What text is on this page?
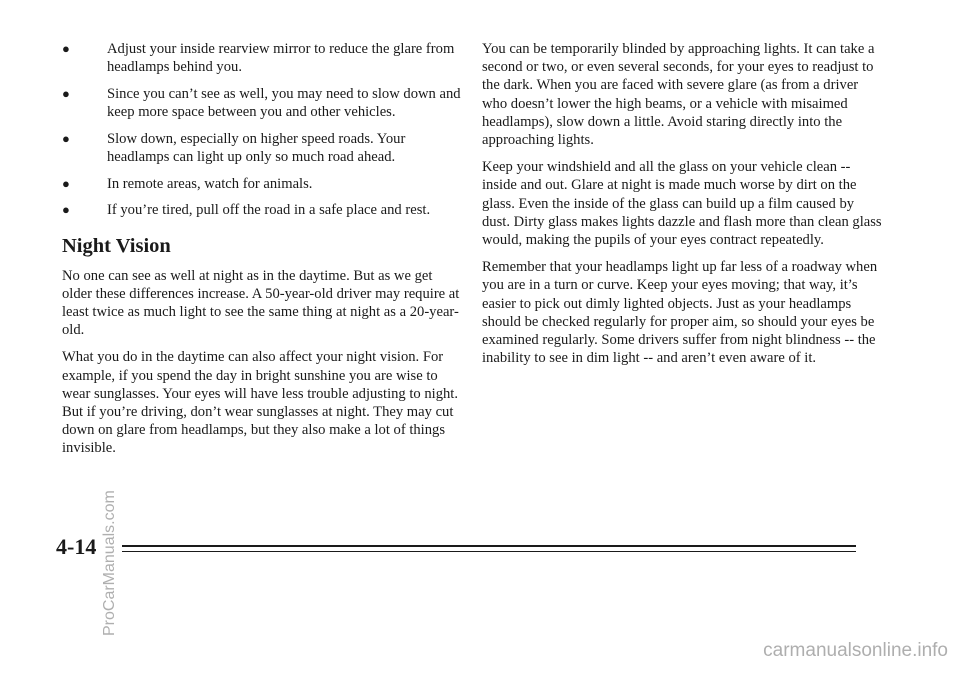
●	Adjust your inside rearview mirror to reduce the glare from headlamps behind you.
●	Since you can’t see as well, you may need to slow down and keep more space between you and other vehicles.
●	Slow down, especially on higher speed roads. Your headlamps can light up only so much road ahead.
●	In remote areas, watch for animals.
●	If you’re tired, pull off the road in a safe place and rest.
Night Vision

No one can see as well at night as in the daytime. But as we get older these differences increase. A 50-year-old driver may require at least twice as much light to see the same thing at night as a 20-year-old.

What you do in the daytime can also affect your night vision. For example, if you spend the day in bright sunshine you are wise to wear sunglasses. Your eyes will have less trouble adjusting to night. But if you’re driving, don’t wear sunglasses at night. They may cut down on glare from headlamps, but they also make a lot of things invisible.

You can be temporarily blinded by approaching lights. It can take a second or two, or even several seconds, for your eyes to readjust to the dark. When you are faced with severe glare (as from a driver who doesn’t lower the high beams, or a vehicle with misaimed headlamps), slow down a little. Avoid staring directly into the approaching lights.

Keep your windshield and all the glass on your vehicle clean -- inside and out. Glare at night is made much worse by dirt on the glass. Even the inside of the glass can build up a film caused by dust. Dirty glass makes lights dazzle and flash more than clean glass would, making the pupils of your eyes contract repeatedly.

Remember that your headlamps light up far less of a roadway when you are in a turn or curve. Keep your eyes moving; that way, it’s easier to pick out dimly lighted objects. Just as your headlamps should be checked regularly for proper aim, so should your eyes be examined regularly. Some drivers suffer from night blindness -- the inability to see in dim light -- and aren’t even aware of it.

4-14 ProCarManuals.com
carmanualsonline.info
